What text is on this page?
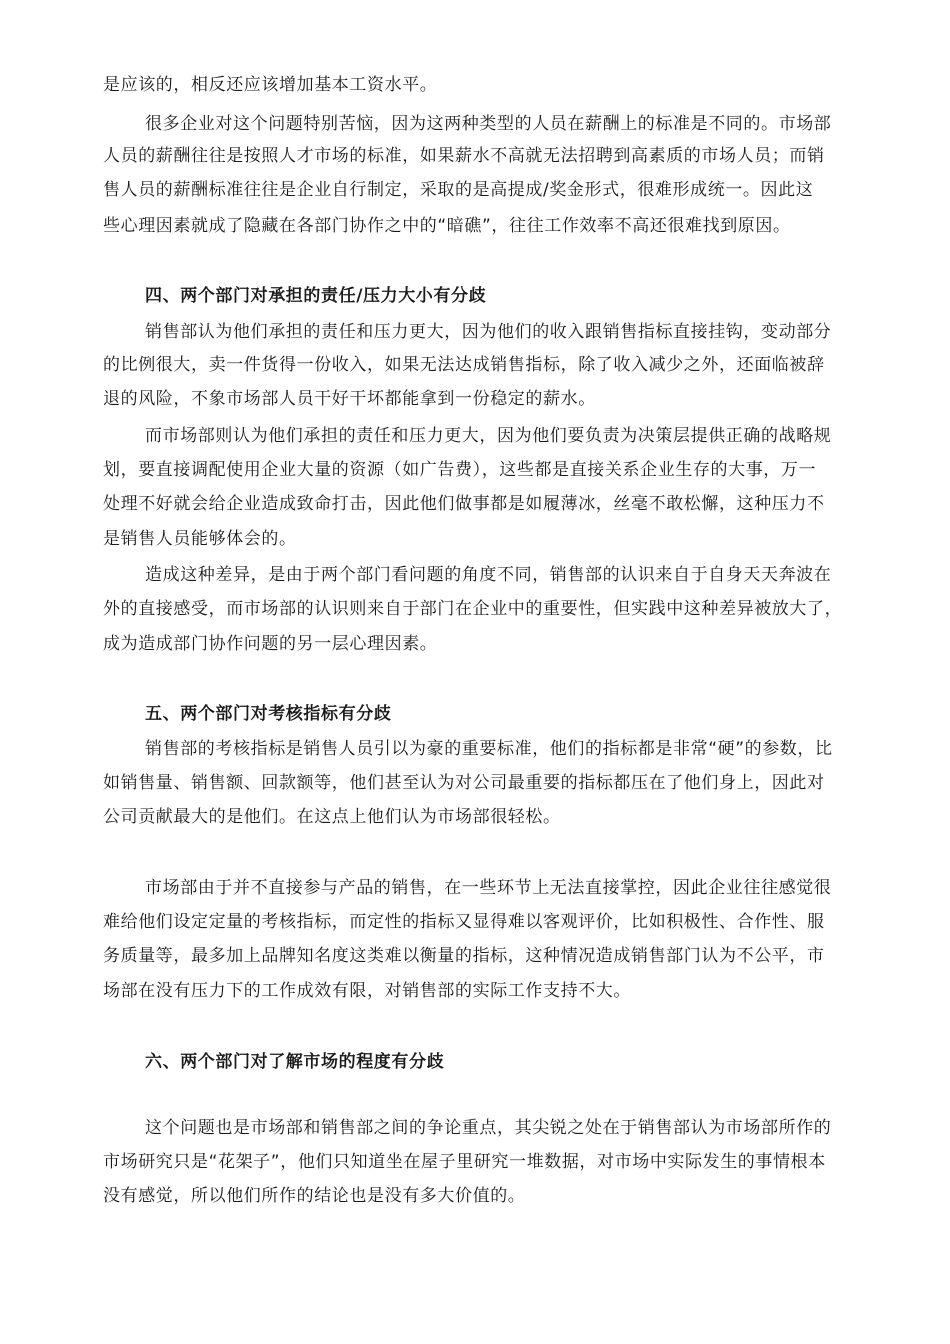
是应该的，相反还应该增加基本工资水平。
很多企业对这个问题特别苦恼，因为这两种类型的人员在薪酬上的标准是不同的。市场部
人员的薪酬往往是按照人才市场的标准，如果薪水不高就无法招聘到高素质的市场人员；而销
售人员的薪酬标准往往是企业自行制定，采取的是高提成/奖金形式，很难形成统一。因此这
些心理因素就成了隐藏在各部门协作之中的“暗礁”，往往工作效率不高还很难找到原因。
四、两个部门对承担的责任/压力大小有分歧
销售部认为他们承担的责任和压力更大，因为他们的收入跟销售指标直接挂钩，变动部分
的比例很大，卖一件货得一份收入，如果无法达成销售指标，除了收入减少之外，还面临被辞
退的风险，不象市场部人员干好干坏都能拿到一份稳定的薪水。
而市场部则认为他们承担的责任和压力更大，因为他们要负责为决策层提供正确的战略规
划，要直接调配使用企业大量的资源（如广告费），这些都是直接关系企业生存的大事，万一
处理不好就会给企业造成致命打击，因此他们做事都是如履薄冰，丝毫不敢松懈，这种压力不
是销售人员能够体会的。
造成这种差异，是由于两个部门看问题的角度不同，销售部的认识来自于自身天天奔波在
外的直接感受，而市场部的认识则来自于部门在企业中的重要性，但实践中这种差异被放大了，
成为造成部门协作问题的另一层心理因素。
五、两个部门对考核指标有分歧
销售部的考核指标是销售人员引以为豪的重要标准，他们的指标都是非常“硬”的参数，比
如销售量、销售额、回款额等，他们甚至认为对公司最重要的指标都压在了他们身上，因此对
公司贡献最大的是他们。在这点上他们认为市场部很轻松。
市场部由于并不直接参与产品的销售，在一些环节上无法直接掌控，因此企业往往感觉很
难给他们设定定量的考核指标，而定性的指标又显得难以客观评价，比如积极性、合作性、服
务质量等，最多加上品牌知名度这类难以衡量的指标，这种情况造成销售部门认为不公平，市
场部在没有压力下的工作成效有限，对销售部的实际工作支持不大。
六、两个部门对了解市场的程度有分歧
这个问题也是市场部和销售部之间的争论重点，其尖锐之处在于销售部认为市场部所作的
市场研究只是“花架子”，他们只知道坐在屋子里研究一堆数据，对市场中实际发生的事情根本
没有感觉，所以他们所作的结论也是没有多大价值的。
